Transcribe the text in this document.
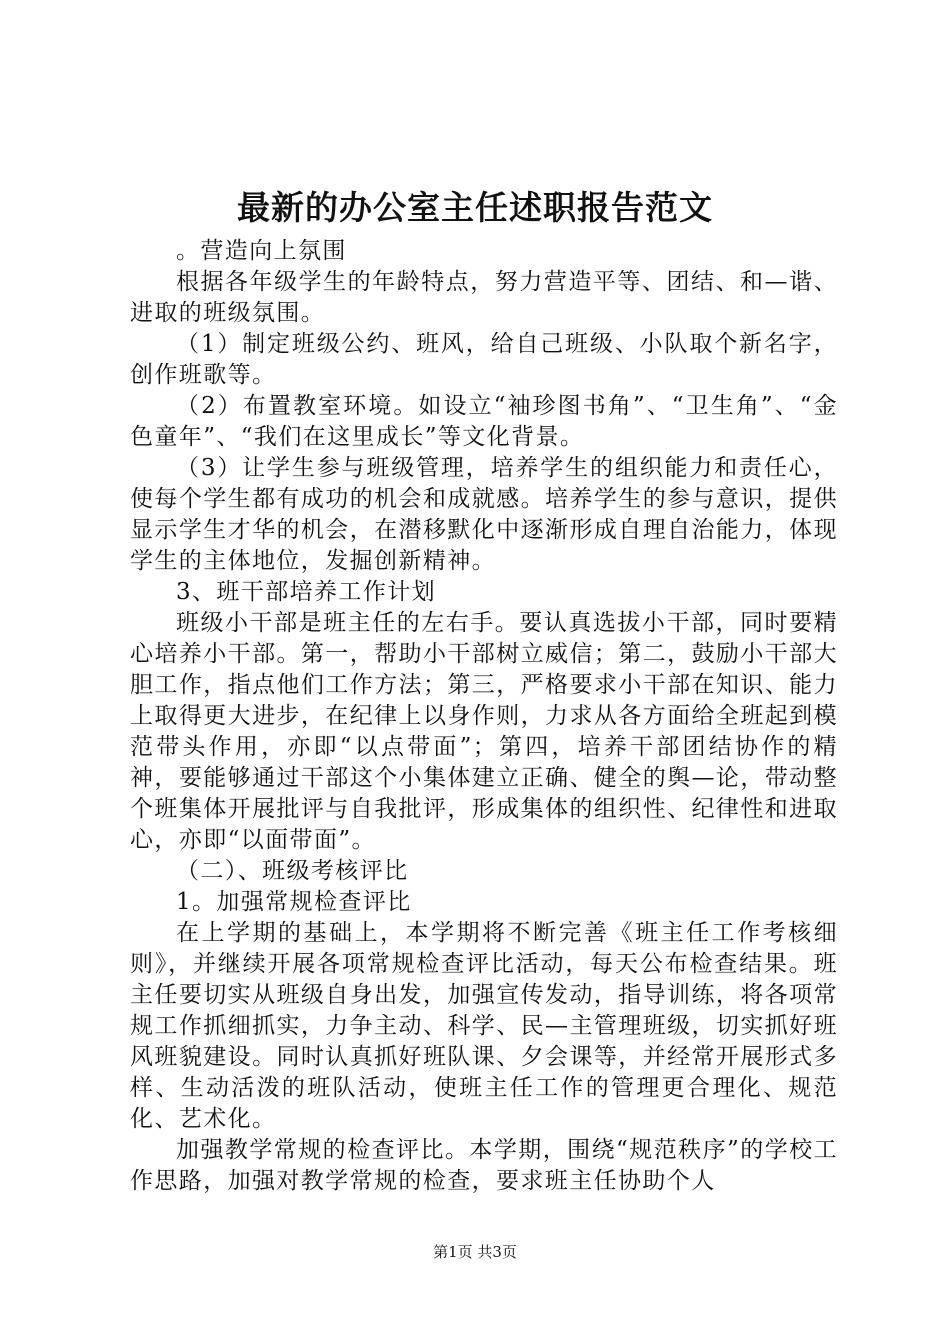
最新的办公室主任述职报告范文

。营造向上氛围

根据各年级学生的年龄特点，努力营造平等、团结、和—谐、进取的班级氛围。

（1）制定班级公约、班风，给自己班级、小队取个新名字，创作班歌等。

（2）布置教室环境。如设立“袖珍图书角”、“卫生角”、“金色童年”、“我们在这里成长”等文化背景。

（3）让学生参与班级管理，培养学生的组织能力和责任心，使每个学生都有成功的机会和成就感。培养学生的参与意识，提供显示学生才华的机会，在潜移默化中逐渐形成自理自治能力，体现学生的主体地位，发掘创新精神。

3、班干部培养工作计划

班级小干部是班主任的左右手。要认真选拔小干部，同时要精心培养小干部。第一，帮助小干部树立威信；第二，鼓励小干部大胆工作，指点他们工作方法；第三，严格要求小干部在知识、能力上取得更大进步，在纪律上以身作则，力求从各方面给全班起到模范带头作用，亦即“以点带面”；第四，培养干部团结协作的精神，要能够通过干部这个小集体建立正确、健全的舆—论，带动整个班集体开展批评与自我批评，形成集体的组织性、纪律性和进取心，亦即“以面带面”。

（二）、班级考核评比

1。加强常规检查评比

在上学期的基础上，本学期将不断完善《班主任工作考核细则》，并继续开展各项常规检查评比活动，每天公布检查结果。班主任要切实从班级自身出发，加强宣传发动，指导训练，将各项常规工作抓细抓实，力争主动、科学、民—主管理班级，切实抓好班风班貌建设。同时认真抓好班队课、夕会课等，并经常开展形式多样、生动活泼的班队活动，使班主任工作的管理更合理化、规范化、艺术化。

加强教学常规的检查评比。本学期，围绕“规范秩序”的学校工作思路，加强对教学常规的检查，要求班主任协助个人

第1页 共3页
